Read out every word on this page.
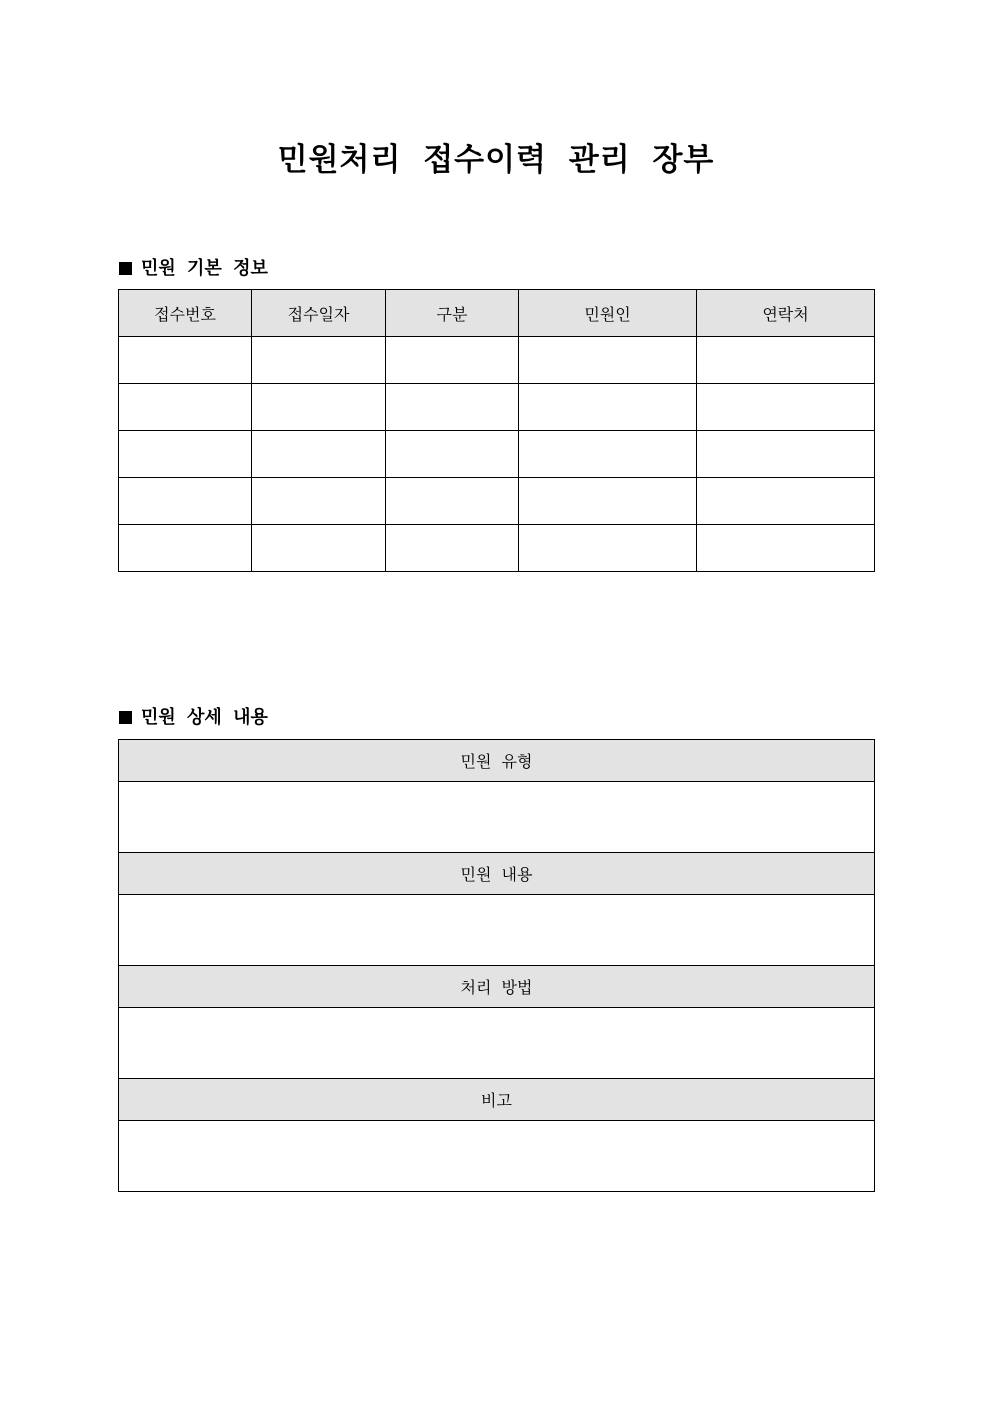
민원처리 접수이력 관리 장부
민원 기본 정보
접수번호	접수일자	구분	민원인	연락처

민원 상세 내용
민원 유형

민원 내용

처리 방법

비고
